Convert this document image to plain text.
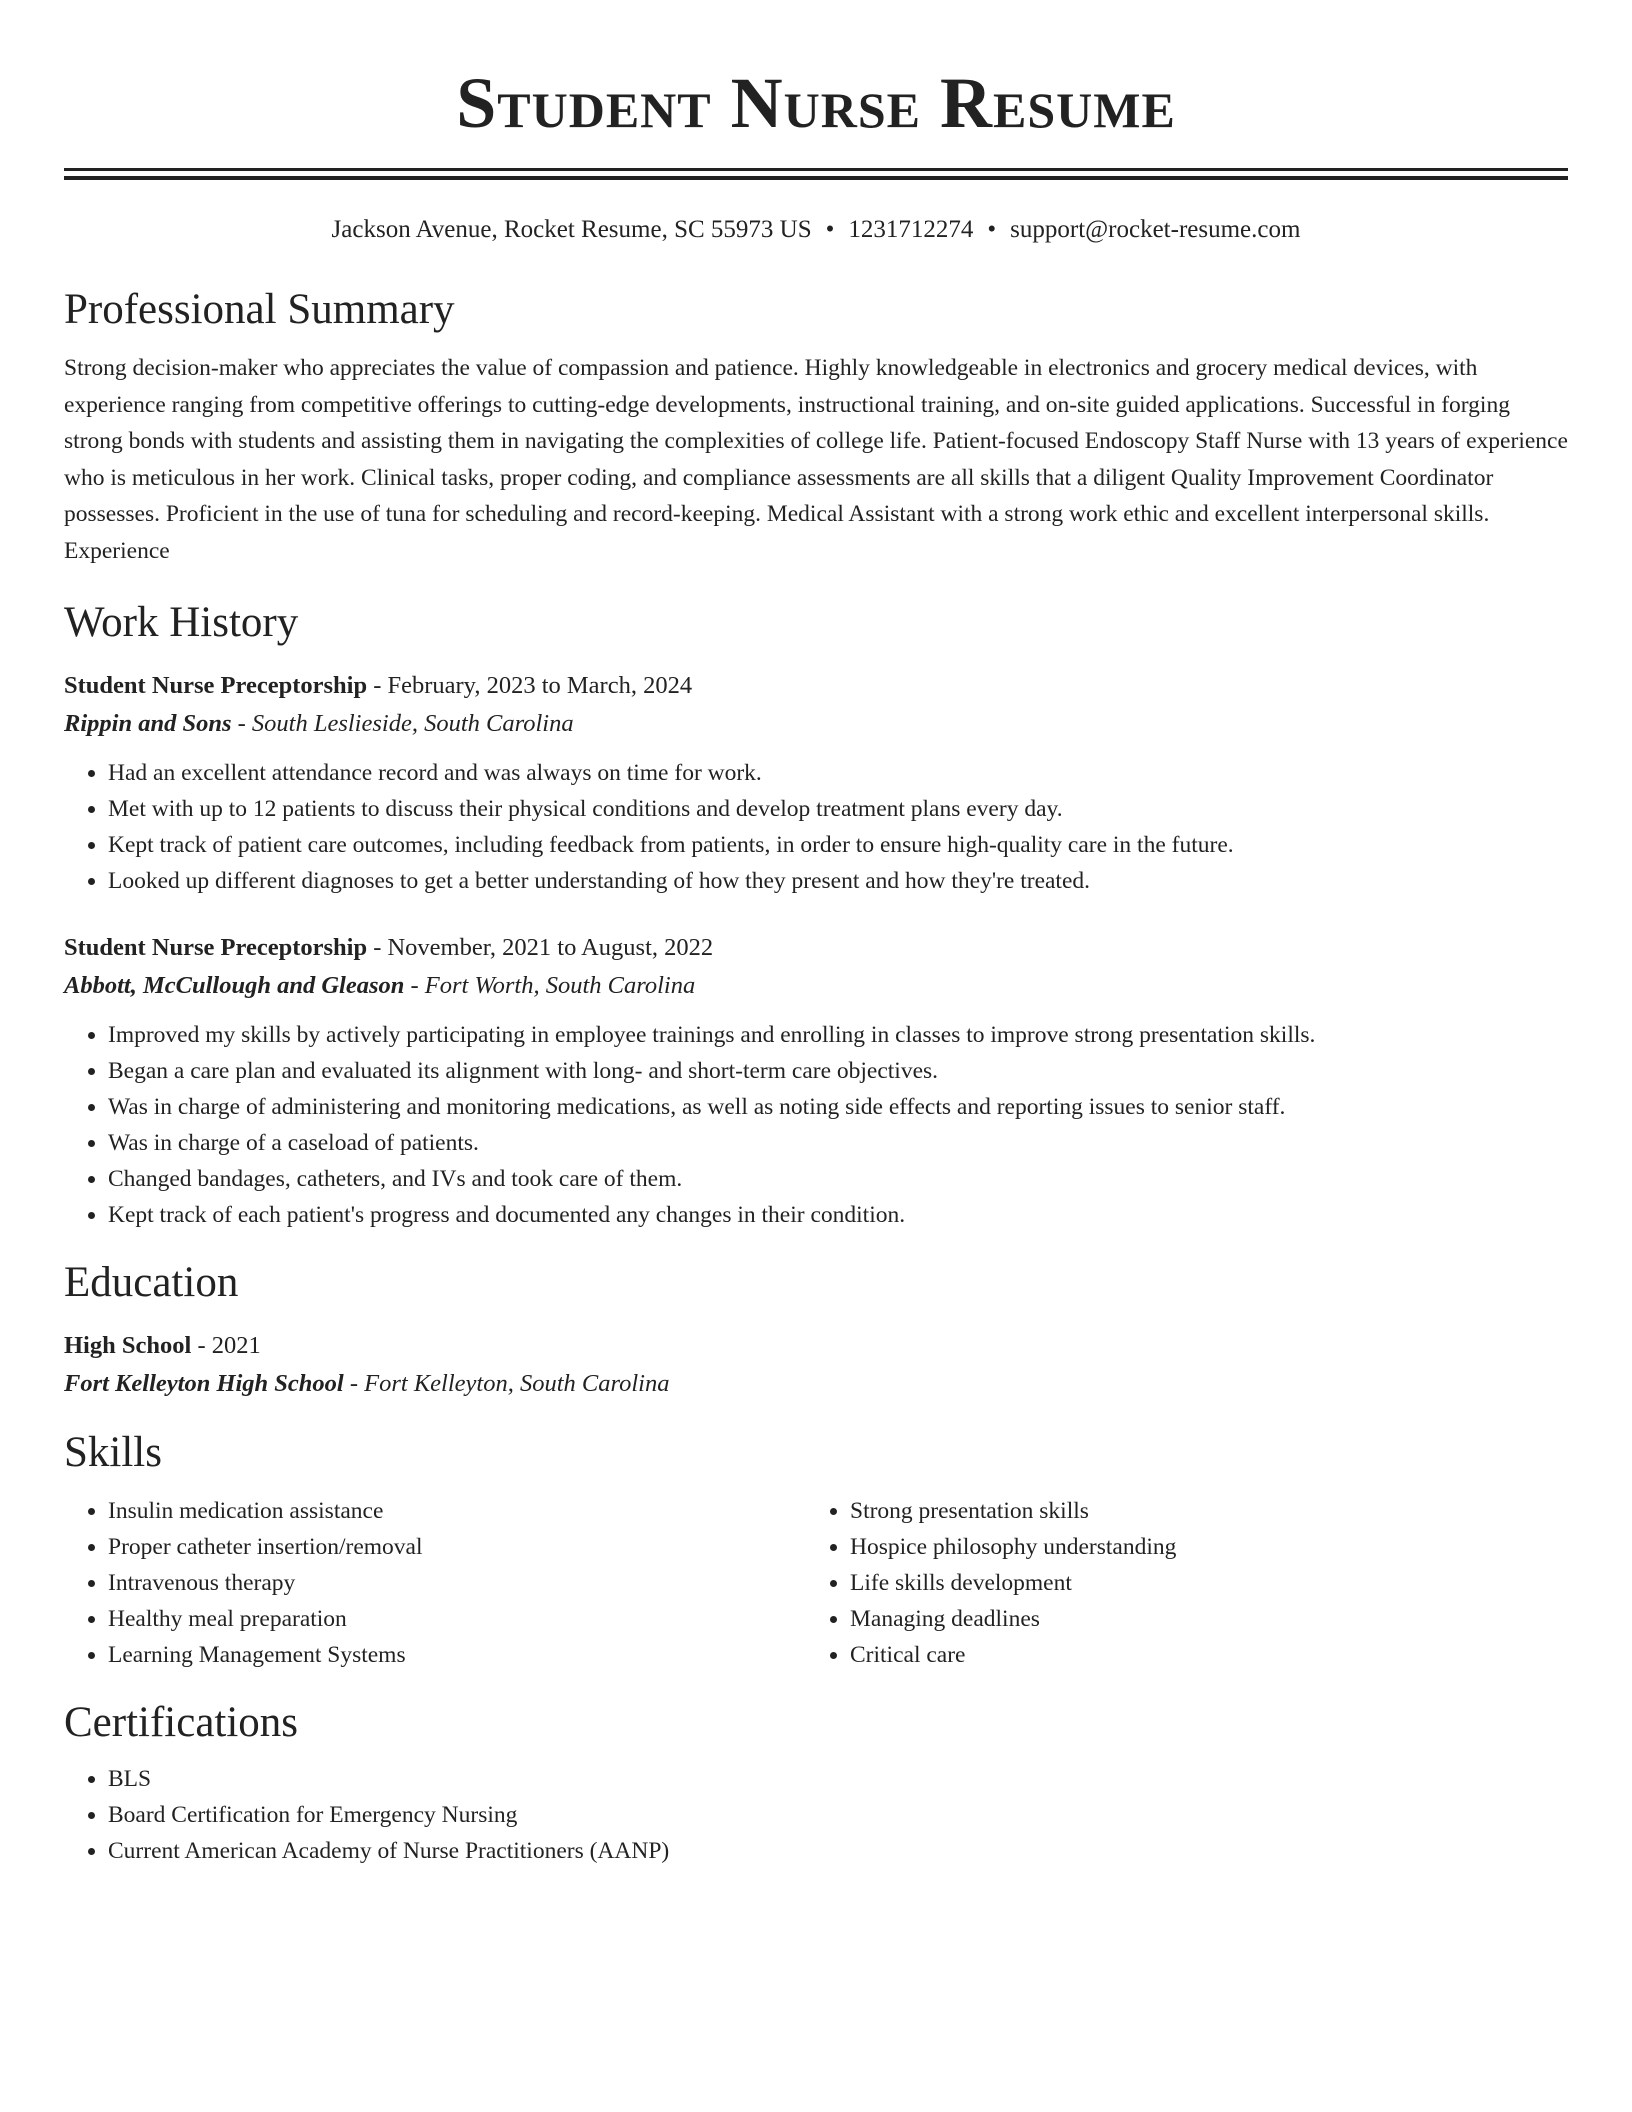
Student Nurse Resume
Jackson Avenue, Rocket Resume, SC 55973 US • 1231712274 • support@rocket-resume.com
Professional Summary
Strong decision-maker who appreciates the value of compassion and patience. Highly knowledgeable in electronics and grocery medical devices, with experience ranging from competitive offerings to cutting-edge developments, instructional training, and on-site guided applications. Successful in forging strong bonds with students and assisting them in navigating the complexities of college life. Patient-focused Endoscopy Staff Nurse with 13 years of experience who is meticulous in her work. Clinical tasks, proper coding, and compliance assessments are all skills that a diligent Quality Improvement Coordinator possesses. Proficient in the use of tuna for scheduling and record-keeping. Medical Assistant with a strong work ethic and excellent interpersonal skills. Experience
Work History
Student Nurse Preceptorship - February, 2023 to March, 2024
Rippin and Sons - South Leslieside, South Carolina
• Had an excellent attendance record and was always on time for work.
• Met with up to 12 patients to discuss their physical conditions and develop treatment plans every day.
• Kept track of patient care outcomes, including feedback from patients, in order to ensure high-quality care in the future.
• Looked up different diagnoses to get a better understanding of how they present and how they're treated.
Student Nurse Preceptorship - November, 2021 to August, 2022
Abbott, McCullough and Gleason - Fort Worth, South Carolina
• Improved my skills by actively participating in employee trainings and enrolling in classes to improve strong presentation skills.
• Began a care plan and evaluated its alignment with long- and short-term care objectives.
• Was in charge of administering and monitoring medications, as well as noting side effects and reporting issues to senior staff.
• Was in charge of a caseload of patients.
• Changed bandages, catheters, and IVs and took care of them.
• Kept track of each patient's progress and documented any changes in their condition.
Education
High School - 2021
Fort Kelleyton High School - Fort Kelleyton, South Carolina
Skills
• Insulin medication assistance
• Proper catheter insertion/removal
• Intravenous therapy
• Healthy meal preparation
• Learning Management Systems
• Strong presentation skills
• Hospice philosophy understanding
• Life skills development
• Managing deadlines
• Critical care
Certifications
• BLS
• Board Certification for Emergency Nursing
• Current American Academy of Nurse Practitioners (AANP)
